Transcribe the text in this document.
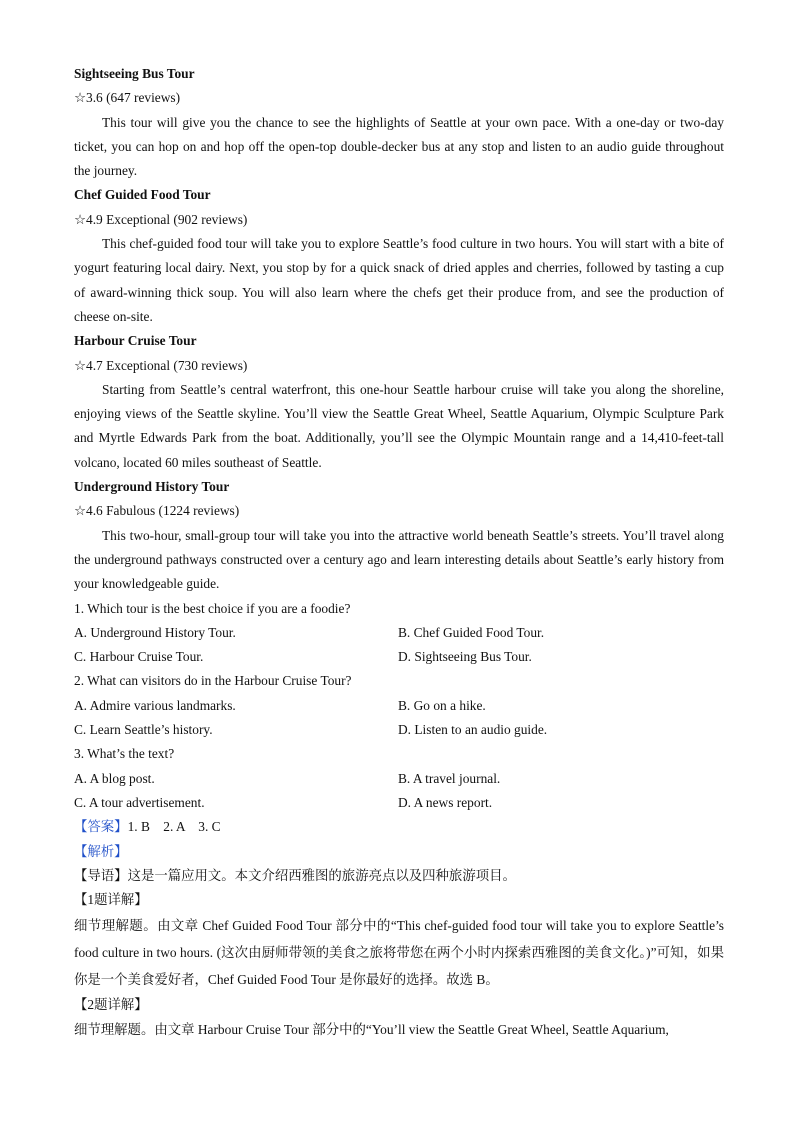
Sightseeing Bus Tour
☆3.6 (647 reviews)
This tour will give you the chance to see the highlights of Seattle at your own pace. With a one-day or two-day ticket, you can hop on and hop off the open-top double-decker bus at any stop and listen to an audio guide throughout the journey.
Chef Guided Food Tour
☆4.9 Exceptional (902 reviews)
This chef-guided food tour will take you to explore Seattle’s food culture in two hours. You will start with a bite of yogurt featuring local dairy. Next, you stop by for a quick snack of dried apples and cherries, followed by tasting a cup of award-winning thick soup. You will also learn where the chefs get their produce from, and see the production of cheese on-site.
Harbour Cruise Tour
☆4.7 Exceptional (730 reviews)
Starting from Seattle’s central waterfront, this one-hour Seattle harbour cruise will take you along the shoreline, enjoying views of the Seattle skyline. You’ll view the Seattle Great Wheel, Seattle Aquarium, Olympic Sculpture Park and Myrtle Edwards Park from the boat. Additionally, you’ll see the Olympic Mountain range and a 14,410-feet-tall volcano, located 60 miles southeast of Seattle.
Underground History Tour
☆4.6 Fabulous (1224 reviews)
This two-hour, small-group tour will take you into the attractive world beneath Seattle’s streets. You’ll travel along the underground pathways constructed over a century ago and learn interesting details about Seattle’s early history from your knowledgeable guide.
1. Which tour is the best choice if you are a foodie?
A. Underground History Tour.	B. Chef Guided Food Tour.
C. Harbour Cruise Tour.	D. Sightseeing Bus Tour.
2. What can visitors do in the Harbour Cruise Tour?
A. Admire various landmarks.	B. Go on a hike.
C. Learn Seattle’s history.	D. Listen to an audio guide.
3. What’s the text?
A. A blog post.	B. A travel journal.
C. A tour advertisement.	D. A news report.
【答案】1. B    2. A    3. C
【解析】
【导语】这是一篇应用文。本文介绍西雅图的旅游亮点以及四种旅游项目。
【1题详解】
细节理解题。由文章 Chef Guided Food Tour 部分中的“This chef-guided food tour will take you to explore Seattle’s food culture in two hours. (这次由厨师带领的美食之旅将带您在两个小时内探索西雅图的美食文化。)”可知，如果你是一个美食爱好者，Chef Guided Food Tour 是你最好的选择。故选 B。
【2题详解】
细节理解题。由文章 Harbour Cruise Tour 部分中的“You’ll view the Seattle Great Wheel, Seattle Aquarium,
